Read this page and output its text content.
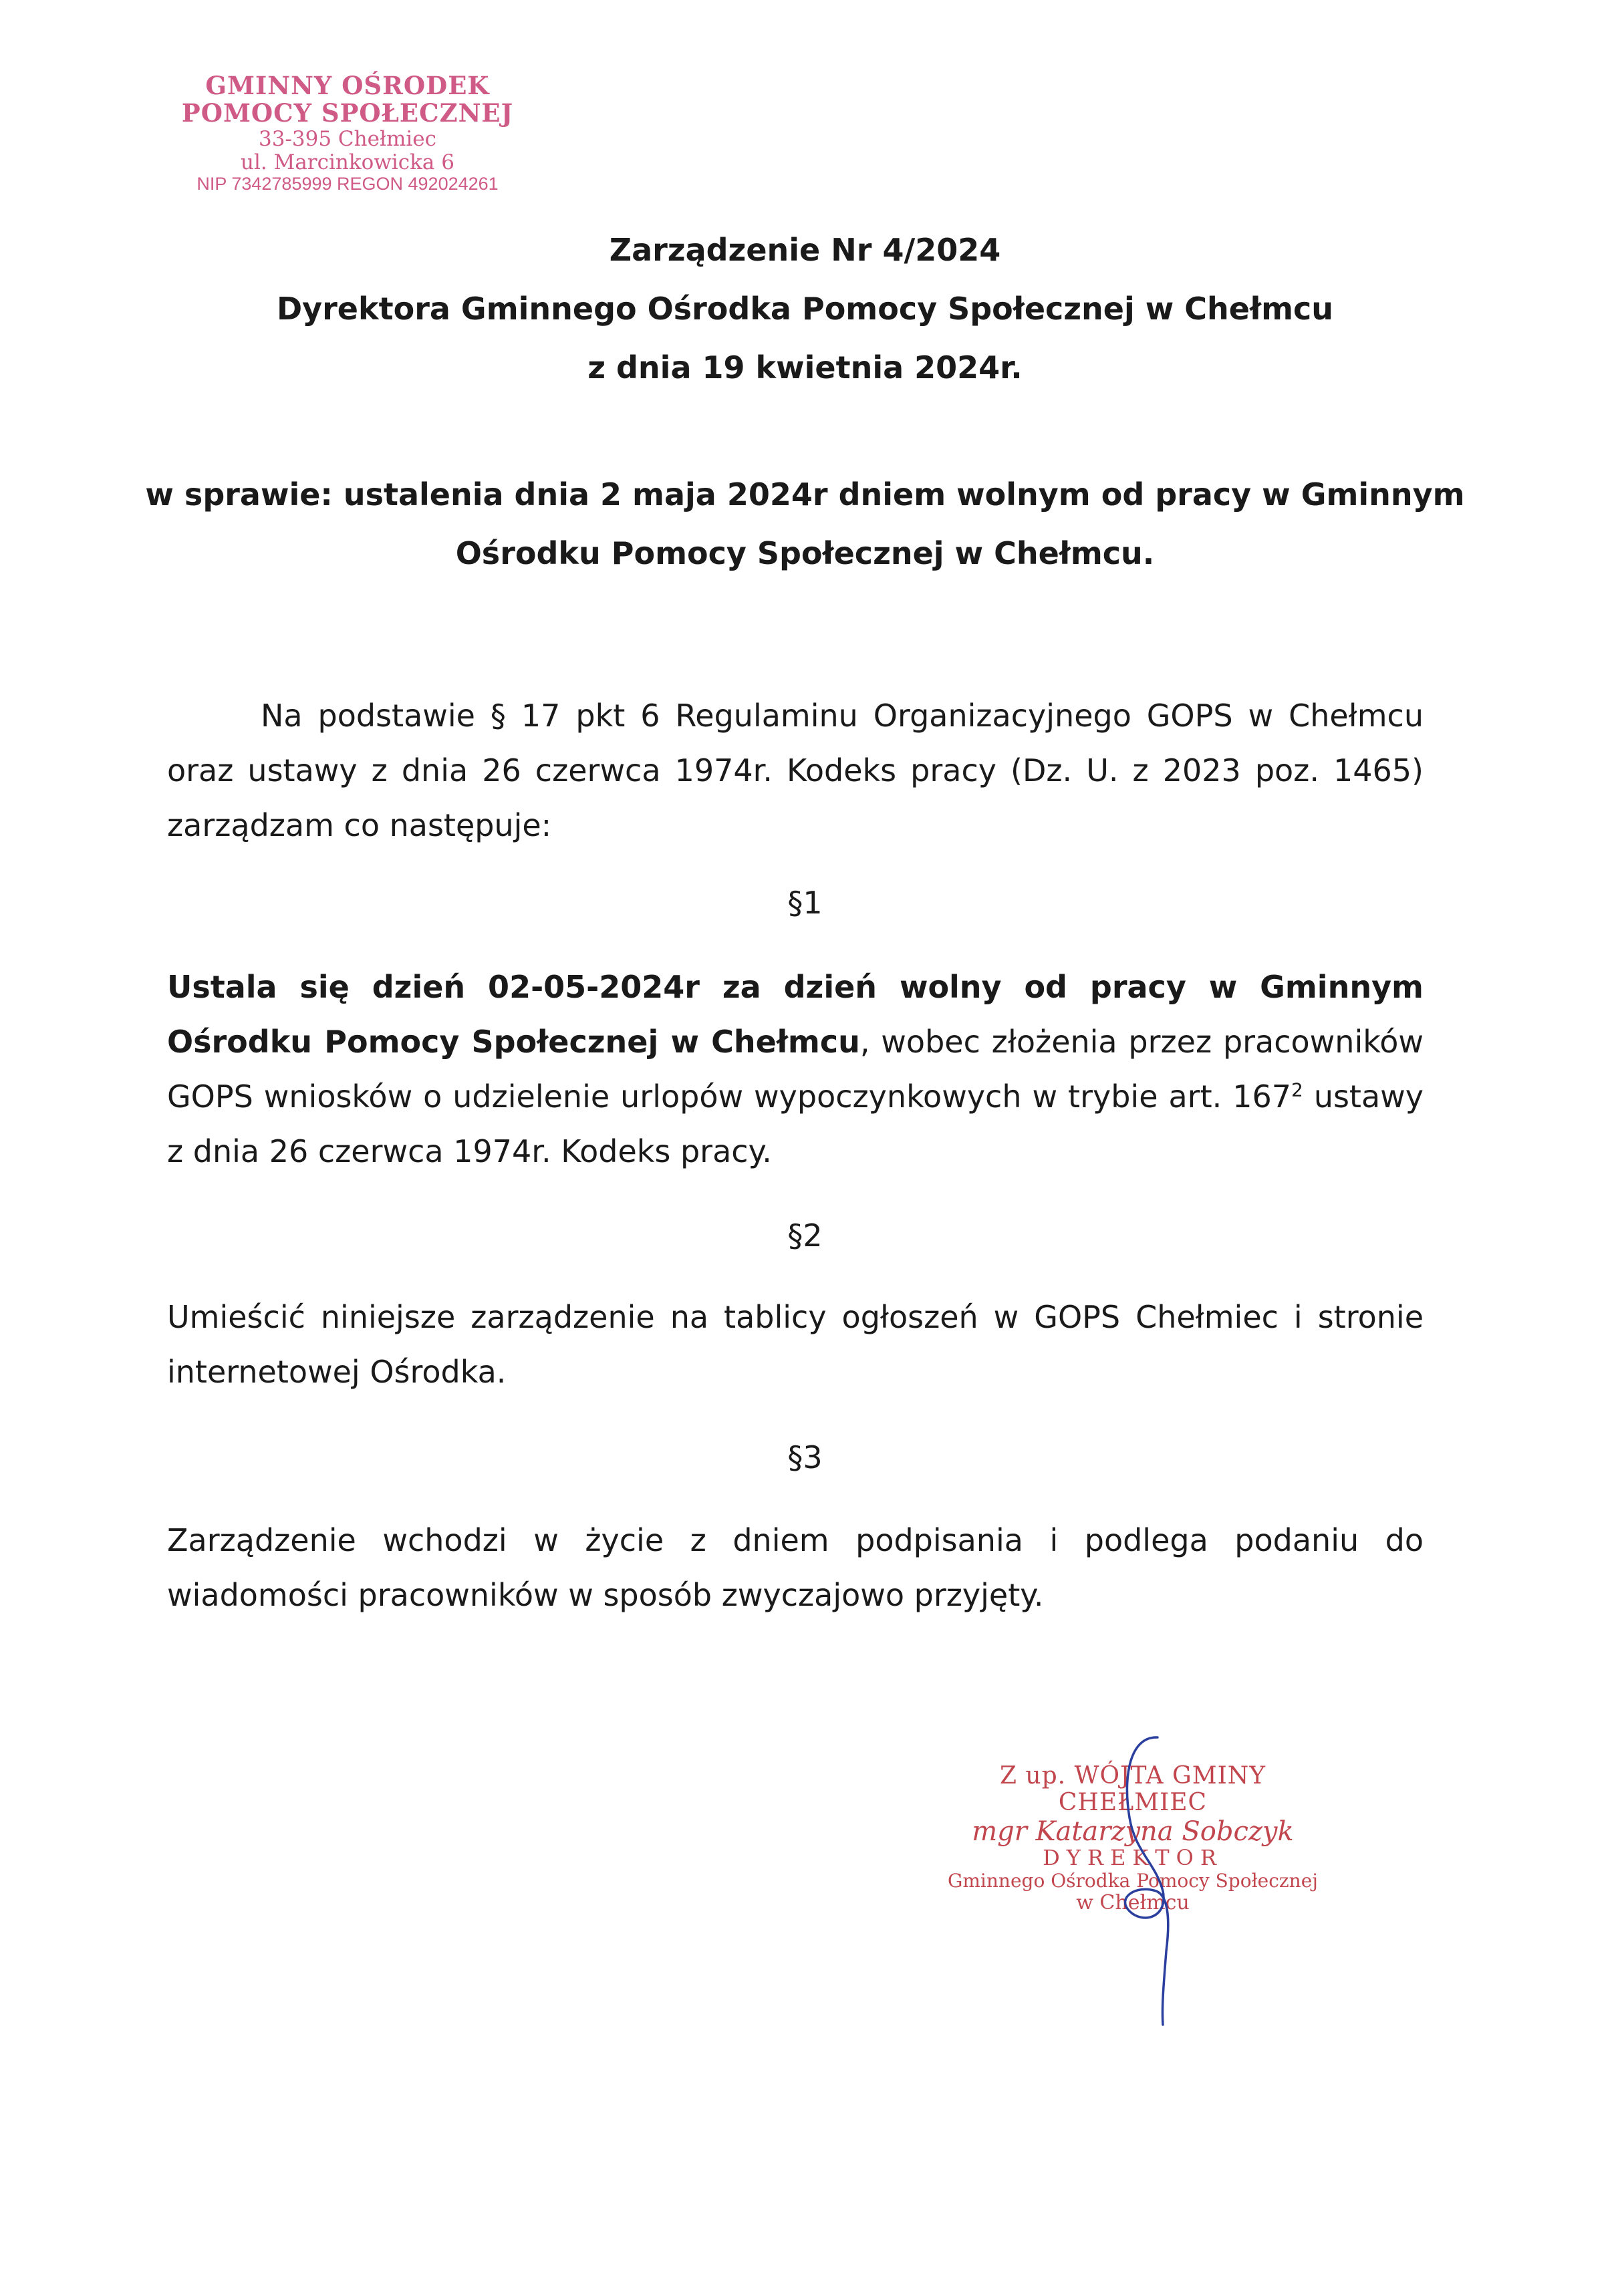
GMINNY OŚRODEK
POMOCY SPOŁECZNEJ
33-395 Chełmiec
ul. Marcinkowicka 6
NIP 7342785999 REGON 492024261
Zarządzenie Nr 4/2024
Dyrektora Gminnego Ośrodka Pomocy Społecznej w Chełmcu
z dnia 19 kwietnia 2024r.
w sprawie: ustalenia dnia 2 maja 2024r dniem wolnym od pracy w Gminnym
Ośrodku Pomocy Społecznej w Chełmcu.

Na podstawie § 17 pkt 6 Regulaminu Organizacyjnego GOPS w Chełmcu oraz ustawy z dnia 26 czerwca 1974r. Kodeks pracy (Dz. U. z 2023 poz. 1465) zarządzam co następuje:

§1

Ustala się dzień 02-05-2024r za dzień wolny od pracy w Gminnym Ośrodku Pomocy Społecznej w Chełmcu, wobec złożenia przez pracowników GOPS wniosków o udzielenie urlopów wypoczynkowych w trybie art. $167^2$ ustawy z dnia 26 czerwca 1974r. Kodeks pracy.

§2

Umieścić niniejsze zarządzenie na tablicy ogłoszeń w GOPS Chełmiec i stronie internetowej Ośrodka.

§3

Zarządzenie wchodzi w życie z dniem podpisania i podlega podaniu do wiadomości pracowników w sposób zwyczajowo przyjęty.

Z up. WÓJTA GMINY CHEŁMIEC
mgr Katarzyna Sobczyk
DYREKTOR
Gminnego Ośrodka Pomocy Społecznej
w Chełmcu
